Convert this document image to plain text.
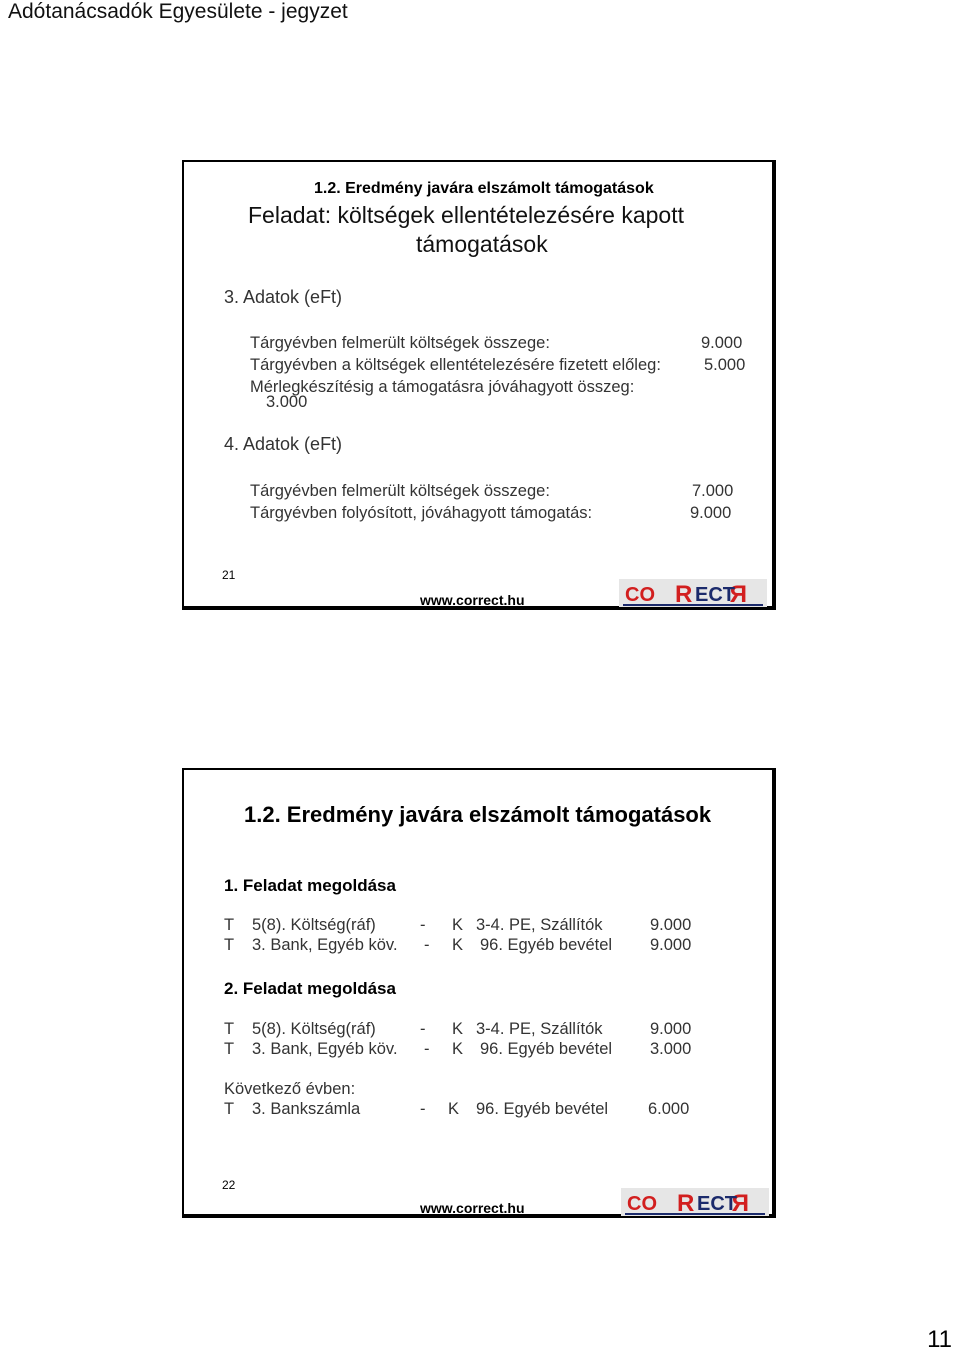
Adótanácsadók Egyesülete - jegyzet
1.2. Eredmény javára elszámolt támogatások
Feladat: költségek ellentételezésére kapott
támogatások
3. Adatok (eFt)
Tárgyévben felmerült költségek összege:	9.000
Tárgyévben a költségek ellentételezésére fizetett előleg:	5.000
Mérlegkészítésig a támogatásra jóváhagyott összeg:
3.000
4. Adatok (eFt)
Tárgyévben felmerült költségek összege:	7.000
Tárgyévben folyósított, jóváhagyott támogatás:	9.000
21
www.correct.hu	CO	R
R ECT
1.2. Eredmény javára elszámolt támogatások
1. Feladat megoldása
T 5(8). Költség(ráf)	- K 3-4. PE, Szállítók	9.000
T 3. Bank, Egyéb köv. - K 96. Egyéb bevétel 9.000
2. Feladat megoldása
T 5(8). Költség(ráf)	- K 3-4. PE, Szállítók	9.000
T 3. Bank, Egyéb köv. - K 96. Egyéb bevétel 3.000
Következő évben:
T 3. Bankszámla	- K 96. Egyéb bevétel 6.000
22
www.correct.hu	CO	R
R ECT
11
